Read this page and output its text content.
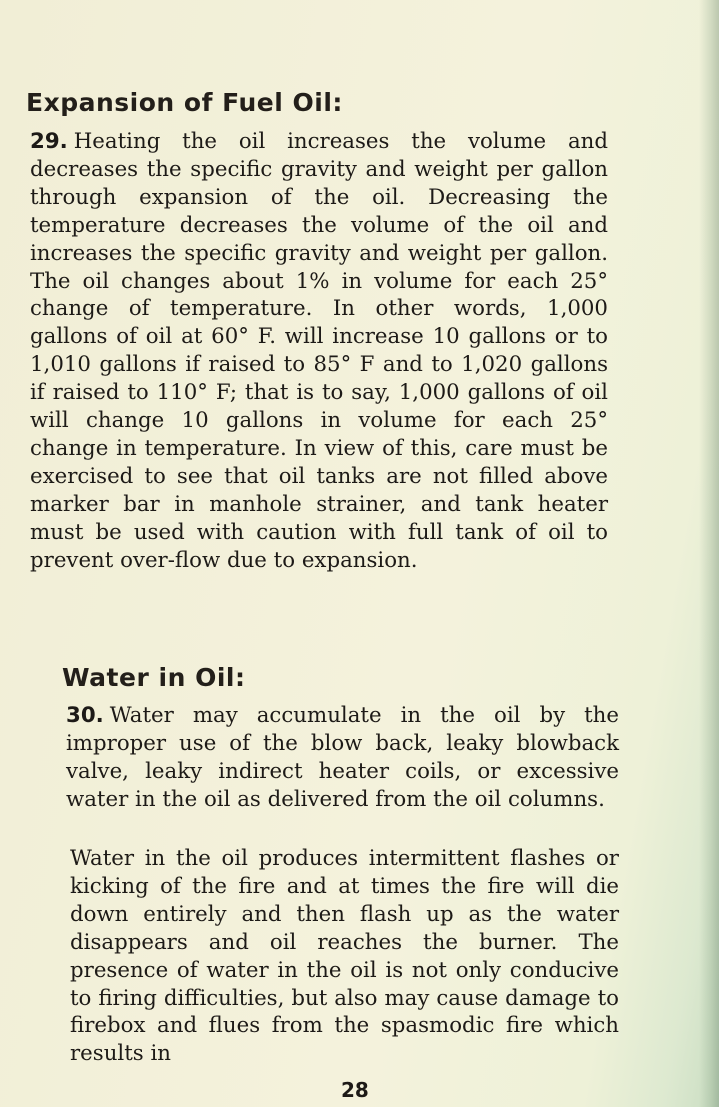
Expansion of Fuel Oil:
29. Heating the oil increases the volume and decreases the specific gravity and weight per gallon through expansion of the oil. Decreasing the temperature decreases the volume of the oil and increases the specific gravity and weight per gallon. The oil changes about 1% in volume for each 25° change of temperature. In other words, 1,000 gallons of oil at 60° F. will increase 10 gallons or to 1,010 gallons if raised to 85° F and to 1,020 gallons if raised to 110° F; that is to say, 1,000 gallons of oil will change 10 gallons in volume for each 25° change in temperature. In view of this, care must be exercised to see that oil tanks are not filled above marker bar in manhole strainer, and tank heater must be used with caution with full tank of oil to prevent over-flow due to expansion.
Water in Oil:
30. Water may accumulate in the oil by the improper use of the blow back, leaky blowback valve, leaky indirect heater coils, or excessive water in the oil as delivered from the oil columns.
Water in the oil produces intermittent flashes or kicking of the fire and at times the fire will die down entirely and then flash up as the water disappears and oil reaches the burner. The presence of water in the oil is not only conducive to firing difficulties, but also may cause damage to firebox and flues from the spasmodic fire which results in
28
